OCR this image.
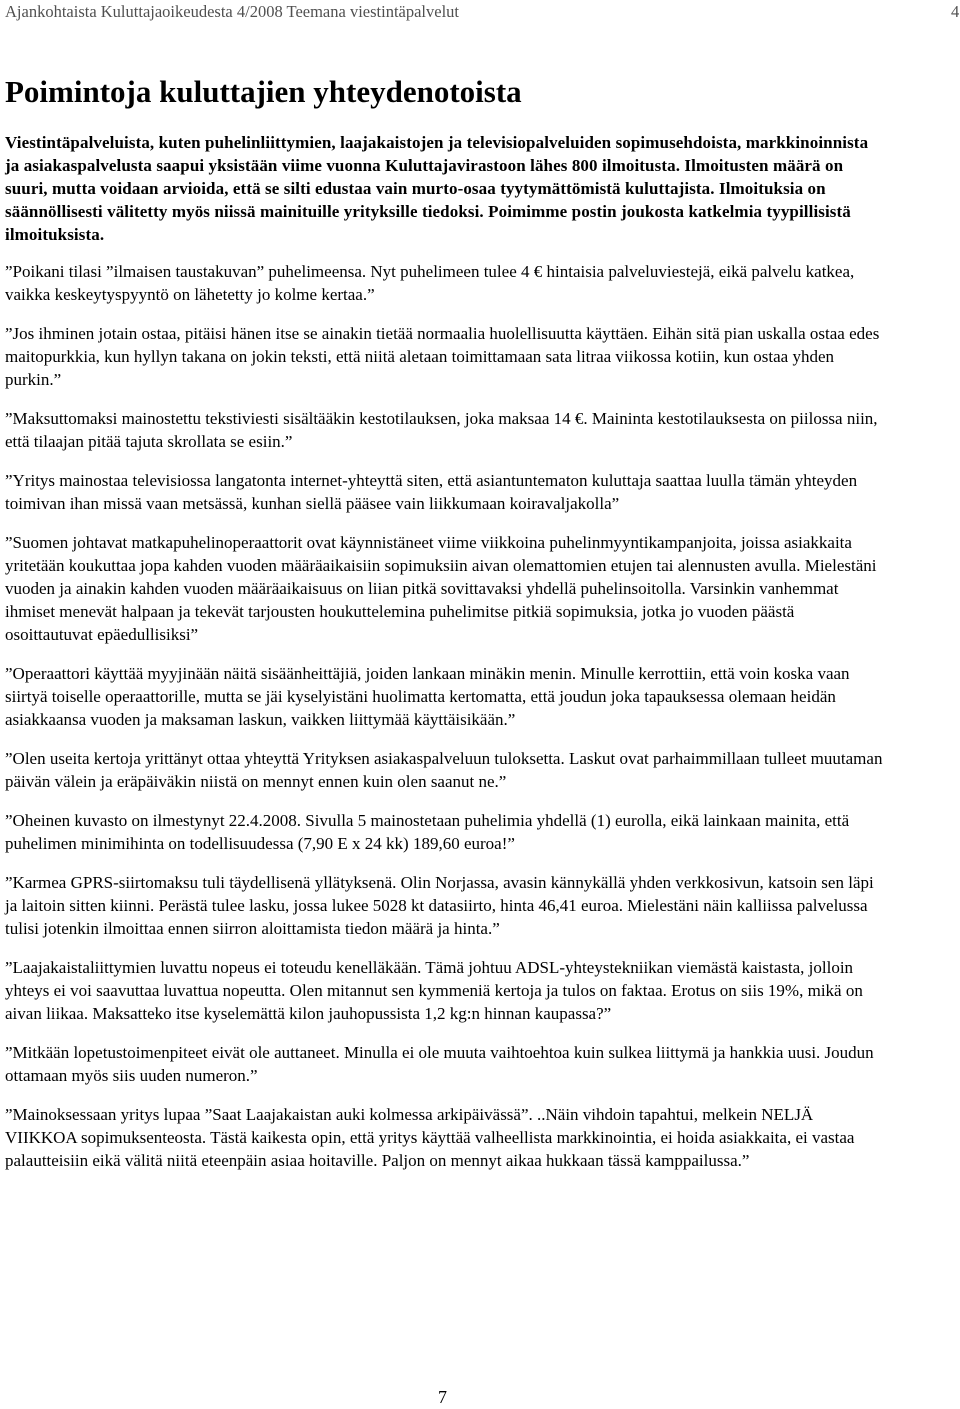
Ajankohtaista Kuluttajaoikeudesta 4/2008 Teemana viestintäpalvelut	4
Poimintoja kuluttajien yhteydenotoista

Viestintäpalveluista, kuten puhelinliittymien, laajakaistojen ja televisiopalveluiden sopimusehdoista, markkinoinnista ja asiakaspalvelusta saapui yksistään viime vuonna Kuluttajavirastoon lähes 800 ilmoitusta. Ilmoitusten määrä on suuri, mutta voidaan arvioida, että se silti edustaa vain murto-osaa tyytymättömistä kuluttajista. Ilmoituksia on säännöllisesti välitetty myös niissä mainituille yrityksille tiedoksi. Poimimme postin joukosta katkelmia tyypillisistä ilmoituksista.

”Poikani tilasi ”ilmaisen taustakuvan” puhelimeensa. Nyt puhelimeen tulee 4 € hintaisia palveluviestejä, eikä palvelu katkea, vaikka keskeytyspyyntö on lähetetty jo kolme kertaa.”

”Jos ihminen jotain ostaa, pitäisi hänen itse se ainakin tietää normaalia huolellisuutta käyttäen. Eihän sitä pian uskalla ostaa edes maitopurkkia, kun hyllyn takana on jokin teksti, että niitä aletaan toimittamaan sata litraa viikossa kotiin, kun ostaa yhden purkin.”

”Maksuttomaksi mainostettu tekstiviesti sisältääkin kestotilauksen, joka maksaa 14 €. Maininta kestotilauksesta on piilossa niin, että tilaajan pitää tajuta skrollata se esiin.”

”Yritys mainostaa televisiossa langatonta internet-yhteyttä siten, että asiantuntematon kuluttaja saattaa luulla tämän yhteyden toimivan ihan missä vaan metsässä, kunhan siellä pääsee vain liikkumaan koiravaljakolla”

”Suomen johtavat matkapuhelinoperaattorit ovat käynnistäneet viime viikkoina puhelinmyyntikampanjoita, joissa asiakkaita yritetään koukuttaa jopa kahden vuoden määräaikaisiin sopimuksiin aivan olemattomien etujen tai alennusten avulla. Mielestäni vuoden ja ainakin kahden vuoden määräaikaisuus on liian pitkä sovittavaksi yhdellä puhelinsoitolla. Varsinkin vanhemmat ihmiset menevät halpaan ja tekevät tarjousten houkuttelemina puhelimitse pitkiä sopimuksia, jotka jo vuoden päästä osoittautuvat epäedullisiksi”

”Operaattori käyttää myyjinään näitä sisäänheittäjiä, joiden lankaan minäkin menin. Minulle kerrottiin, että voin koska vaan siirtyä toiselle operaattorille, mutta se jäi kyselyistäni huolimatta kertomatta, että joudun joka tapauksessa olemaan heidän asiakkaansa vuoden ja maksaman laskun, vaikken liittymää käyttäisikään.”

”Olen useita kertoja yrittänyt ottaa yhteyttä Yrityksen asiakaspalveluun tuloksetta. Laskut ovat parhaimmillaan tulleet muutaman päivän välein ja eräpäiväkin niistä on mennyt ennen kuin olen saanut ne.”

”Oheinen kuvasto on ilmestynyt 22.4.2008. Sivulla 5 mainostetaan puhelimia yhdellä (1) eurolla, eikä lainkaan mainita, että puhelimen minimihinta on todellisuudessa (7,90 E x 24 kk) 189,60 euroa!”

”Karmea GPRS-siirtomaksu tuli täydellisenä yllätyksenä. Olin Norjassa, avasin kännykällä yhden verkkosivun, katsoin sen läpi ja laitoin sitten kiinni. Perästä tulee lasku, jossa lukee 5028 kt datasiirto, hinta 46,41 euroa. Mielestäni näin kalliissa palvelussa tulisi jotenkin ilmoittaa ennen siirron aloittamista tiedon määrä ja hinta.”

”Laajakaistaliittymien luvattu nopeus ei toteudu kenelläkään. Tämä johtuu ADSL-yhteystekniikan viemästä kaistasta, jolloin yhteys ei voi saavuttaa luvattua nopeutta. Olen mitannut sen kymmeniä kertoja ja tulos on faktaa. Erotus on siis 19%, mikä on aivan liikaa. Maksatteko itse kyselemättä kilon jauhopussista 1,2 kg:n hinnan kaupassa?”

”Mitkään lopetustoimenpiteet eivät ole auttaneet. Minulla ei ole muuta vaihtoehtoa kuin sulkea liittymä ja hankkia uusi. Joudun ottamaan myös siis uuden numeron.”

”Mainoksessaan yritys lupaa ”Saat Laajakaistan auki kolmessa arkipäivässä”. ..Näin vihdoin tapahtui, melkein NELJÄ VIIKKOA sopimuksenteosta. Tästä kaikesta opin, että yritys käyttää valheellista markkinointia, ei hoida asiakkaita, ei vastaa palautteisiin eikä välitä niitä eteenpäin asiaa hoitaville. Paljon on mennyt aikaa hukkaan tässä kamppailussa.”

7
